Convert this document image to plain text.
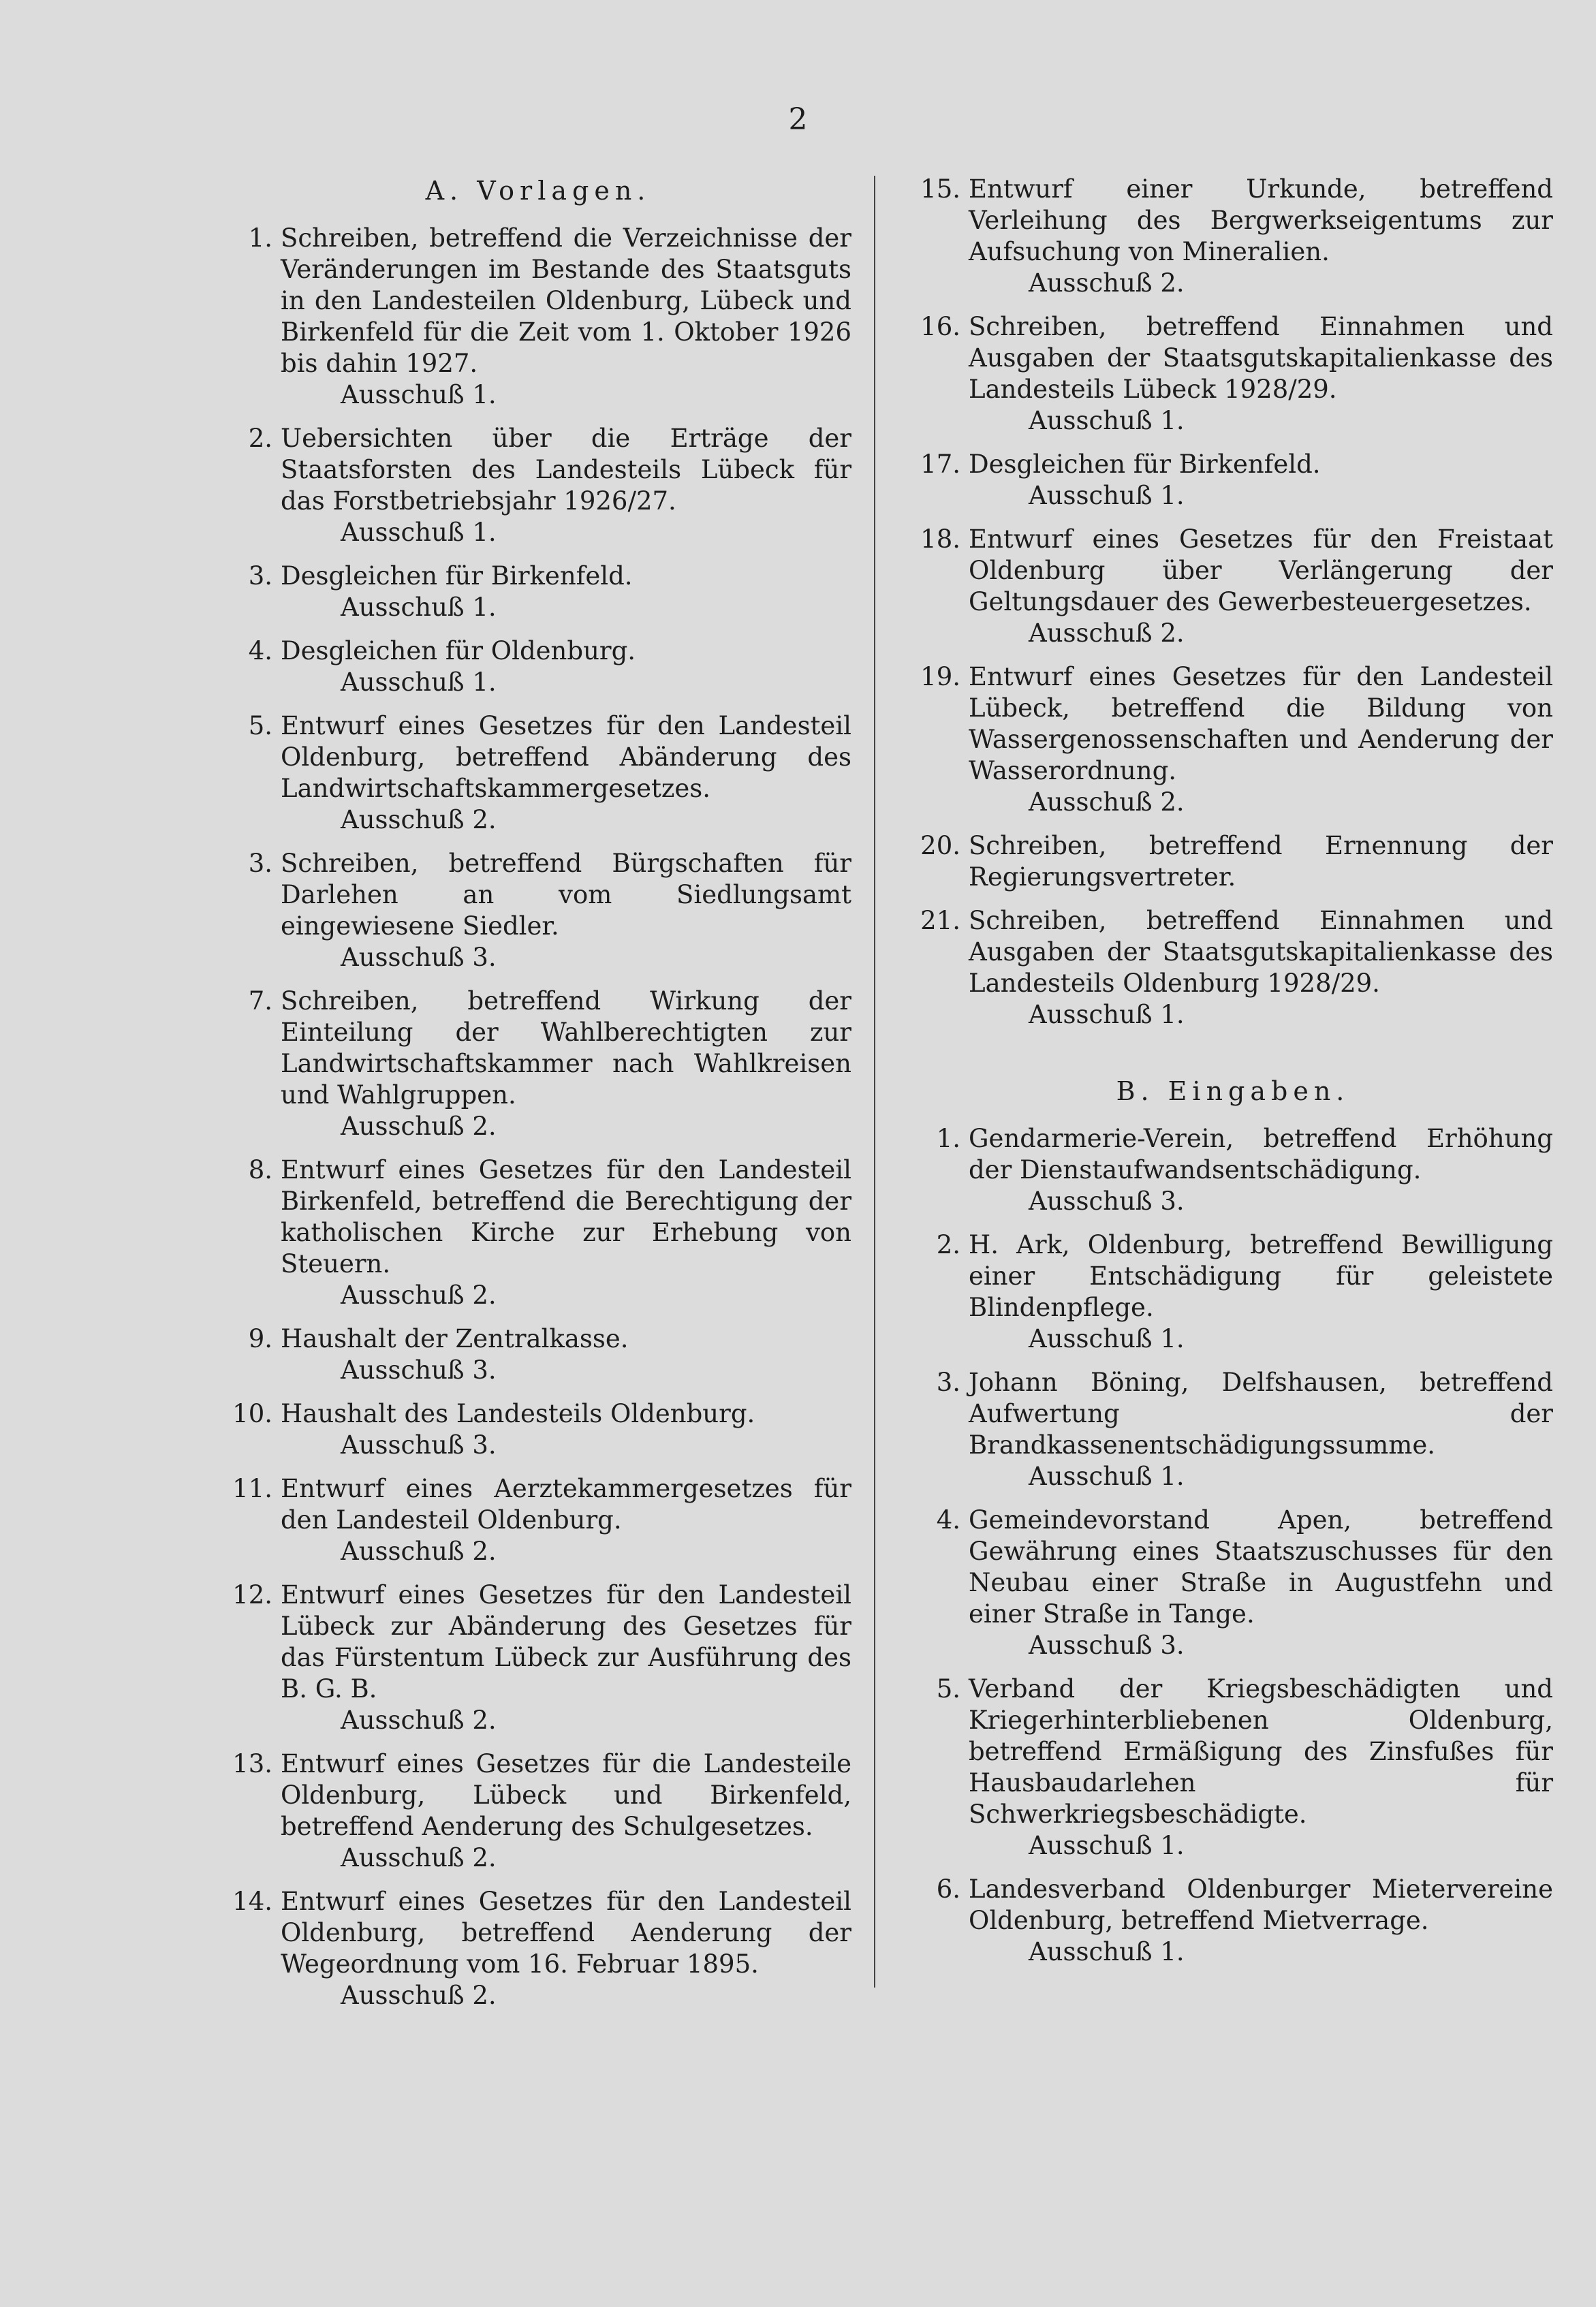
2
A. Vorlagen.
1. Schreiben, betreffend die Verzeichnisse der Veränderungen im Bestande des Staatsguts in den Landesteilen Oldenburg, Lübeck und Birkenfeld für die Zeit vom 1. Oktober 1926 bis dahin 1927.

Ausschuß 1.
2. Uebersichten über die Erträge der Staatsforsten des Landesteils Lübeck für das Forstbetriebsjahr 1926/27.

Ausschuß 1.
3. Desgleichen für Birkenfeld.

Ausschuß 1.
4. Desgleichen für Oldenburg.

Ausschuß 1.
5. Entwurf eines Gesetzes für den Landesteil Oldenburg, betreffend Abänderung des Landwirtschaftskammergesetzes.

Ausschuß 2.
3. Schreiben, betreffend Bürgschaften für Darlehen an vom Siedlungsamt eingewiesene Siedler.

Ausschuß 3.
7. Schreiben, betreffend Wirkung der Einteilung der Wahlberechtigten zur Landwirtschaftskammer nach Wahlkreisen und Wahlgruppen.

Ausschuß 2.
8. Entwurf eines Gesetzes für den Landesteil Birkenfeld, betreffend die Berechtigung der katholischen Kirche zur Erhebung von Steuern.

Ausschuß 2.
9. Haushalt der Zentralkasse.

Ausschuß 3.
10. Haushalt des Landesteils Oldenburg.

Ausschuß 3.
11. Entwurf eines Aerztekammergesetzes für den Landesteil Oldenburg.

Ausschuß 2.
12. Entwurf eines Gesetzes für den Landesteil Lübeck zur Abänderung des Gesetzes für das Fürstentum Lübeck zur Ausführung des B. G. B.

Ausschuß 2.
13. Entwurf eines Gesetzes für die Landesteile Oldenburg, Lübeck und Birkenfeld, betreffend Aenderung des Schulgesetzes.

Ausschuß 2.
14. Entwurf eines Gesetzes für den Landesteil Oldenburg, betreffend Aenderung der Wegeordnung vom 16. Februar 1895.

Ausschuß 2.
15. Entwurf einer Urkunde, betreffend Verleihung des Bergwerkseigentums zur Aufsuchung von Mineralien.

Ausschuß 2.
16. Schreiben, betreffend Einnahmen und Ausgaben der Staatsgutskapitalienkasse des Landesteils Lübeck 1928/29.

Ausschuß 1.
17. Desgleichen für Birkenfeld.

Ausschuß 1.
18. Entwurf eines Gesetzes für den Freistaat Oldenburg über Verlängerung der Geltungsdauer des Gewerbesteuergesetzes.

Ausschuß 2.
19. Entwurf eines Gesetzes für den Landesteil Lübeck, betreffend die Bildung von Wassergenossenschaften und Aenderung der Wasserordnung.

Ausschuß 2.
20. Schreiben, betreffend Ernennung der Regierungsvertreter.

21. Schreiben, betreffend Einnahmen und Ausgaben der Staatsgutskapitalienkasse des Landesteils Oldenburg 1928/29.

Ausschuß 1.
B. Eingaben.
1. Gendarmerie-Verein, betreffend Erhöhung der Dienstaufwandsentschädigung.

Ausschuß 3.
2. H. Ark, Oldenburg, betreffend Bewilligung einer Entschädigung für geleistete Blindenpflege.

Ausschuß 1.
3. Johann Böning, Delfshausen, betreffend Aufwertung der Brandkassenentschädigungssumme.

Ausschuß 1.
4. Gemeindevorstand Apen, betreffend Gewährung eines Staatszuschusses für den Neubau einer Straße in Augustfehn und einer Straße in Tange.

Ausschuß 3.
5. Verband der Kriegsbeschädigten und Kriegerhinterbliebenen Oldenburg, betreffend Ermäßigung des Zinsfußes für Hausbaudarlehen für Schwerkriegsbeschädigte.

Ausschuß 1.
6. Landesverband Oldenburger Mietervereine Oldenburg, betreffend Mietverrage.

Ausschuß 1.
